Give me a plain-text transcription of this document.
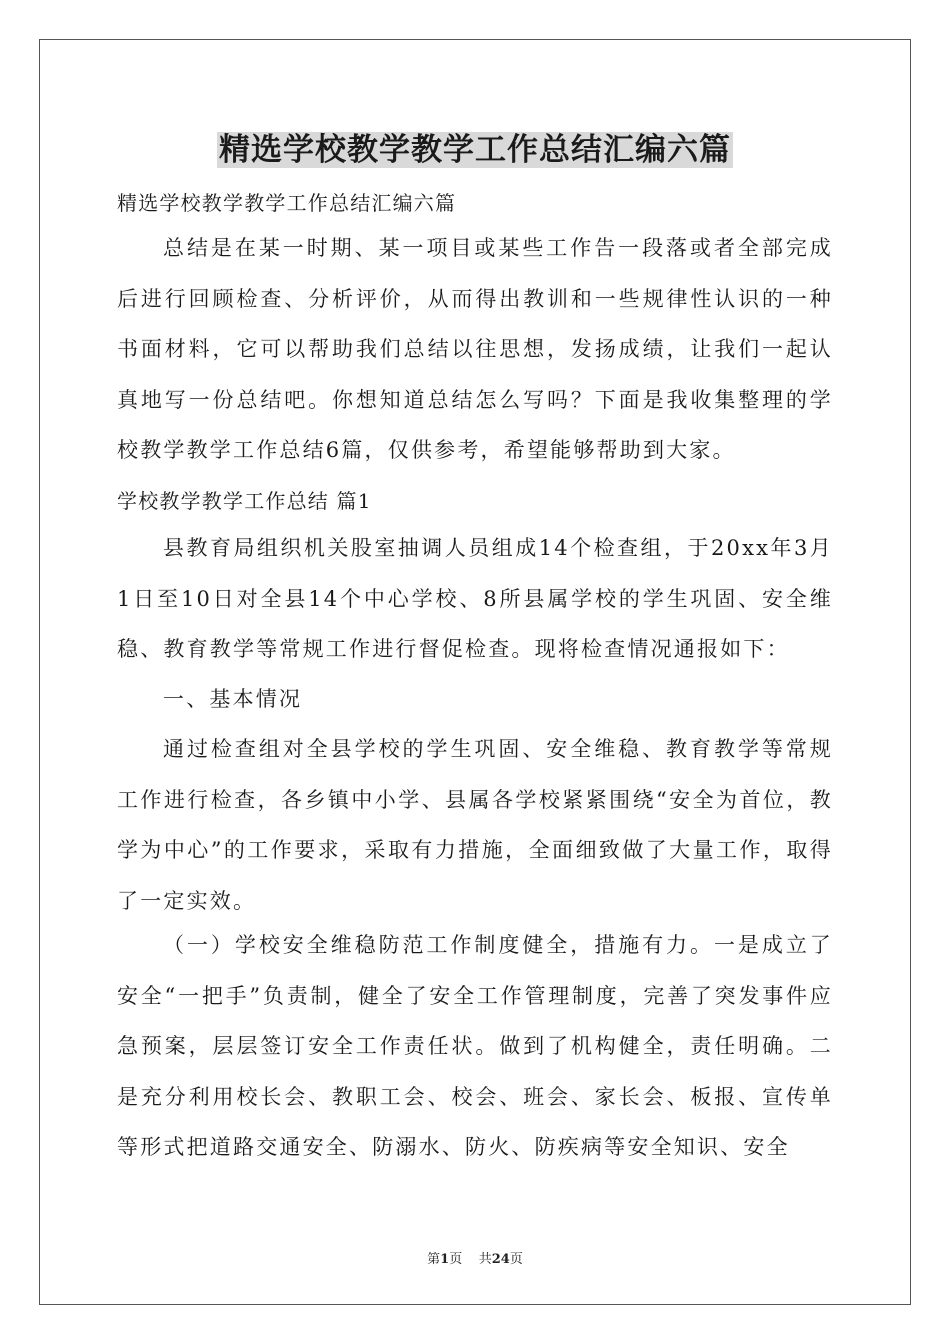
精选学校教学教学工作总结汇编六篇

精选学校教学教学工作总结汇编六篇

总结是在某一时期、某一项目或某些工作告一段落或者全部完成后进行回顾检查、分析评价，从而得出教训和一些规律性认识的一种书面材料，它可以帮助我们总结以往思想，发扬成绩，让我们一起认真地写一份总结吧。你想知道总结怎么写吗？下面是我收集整理的学校教学教学工作总结6篇，仅供参考，希望能够帮助到大家。

学校教学教学工作总结 篇1

县教育局组织机关股室抽调人员组成14个检查组，于20xx年3月1日至10日对全县14个中心学校、8所县属学校的学生巩固、安全维稳、教育教学等常规工作进行督促检查。现将检查情况通报如下：

一、基本情况

通过检查组对全县学校的学生巩固、安全维稳、教育教学等常规工作进行检查，各乡镇中小学、县属各学校紧紧围绕“安全为首位，教学为中心”的工作要求，采取有力措施，全面细致做了大量工作，取得了一定实效。

（一）学校安全维稳防范工作制度健全，措施有力。一是成立了安全“一把手”负责制，健全了安全工作管理制度，完善了突发事件应急预案，层层签订安全工作责任状。做到了机构健全，责任明确。二是充分利用校长会、教职工会、校会、班会、家长会、板报、宣传单等形式把道路交通安全、防溺水、防火、防疾病等安全知识、安全

第1页    共24页
